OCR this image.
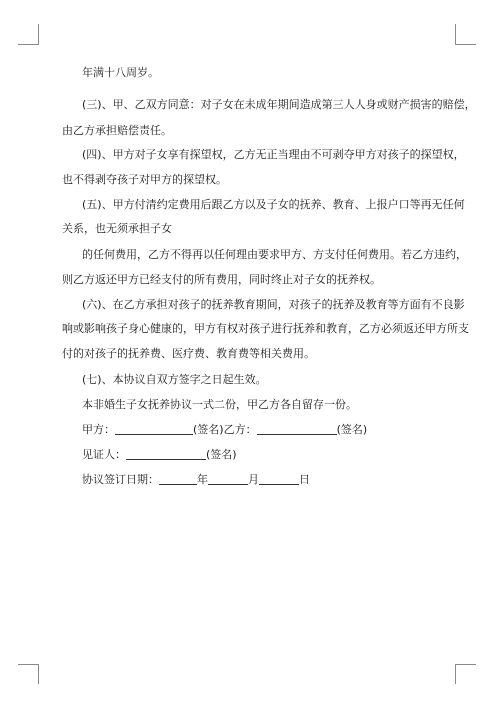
年满十八周岁。
(三)、甲、乙双方同意：对子女在未成年期间造成第三人人身或财产损害的赔偿，
由乙方承担赔偿责任。
(四)、甲方对子女享有探望权，乙方无正当理由不可剥夺甲方对孩子的探望权，
也不得剥夺孩子对甲方的探望权。
(五)、甲方付清约定费用后跟乙方以及子女的抚养、教育、上报户口等再无任何
关系，也无须承担子女
的任何费用，乙方不得再以任何理由要求甲方、方支付任何费用。若乙方违约，
则乙方返还甲方已经支付的所有费用，同时终止对子女的抚养权。
(六)、在乙方承担对孩子的抚养教育期间，对孩子的抚养及教育等方面有不良影
响或影响孩子身心健康的，甲方有权对孩子进行抚养和教育，乙方必须返还甲方所支
付的对孩子的抚养费、医疗费、教育费等相关费用。
(七)、本协议自双方签字之日起生效。
本非婚生子女抚养协议一式二份，甲乙方各自留存一份。
甲方：	(签名)乙方：	(签名)
见证人：	(签名)
协议签订日期：	年	月	日
